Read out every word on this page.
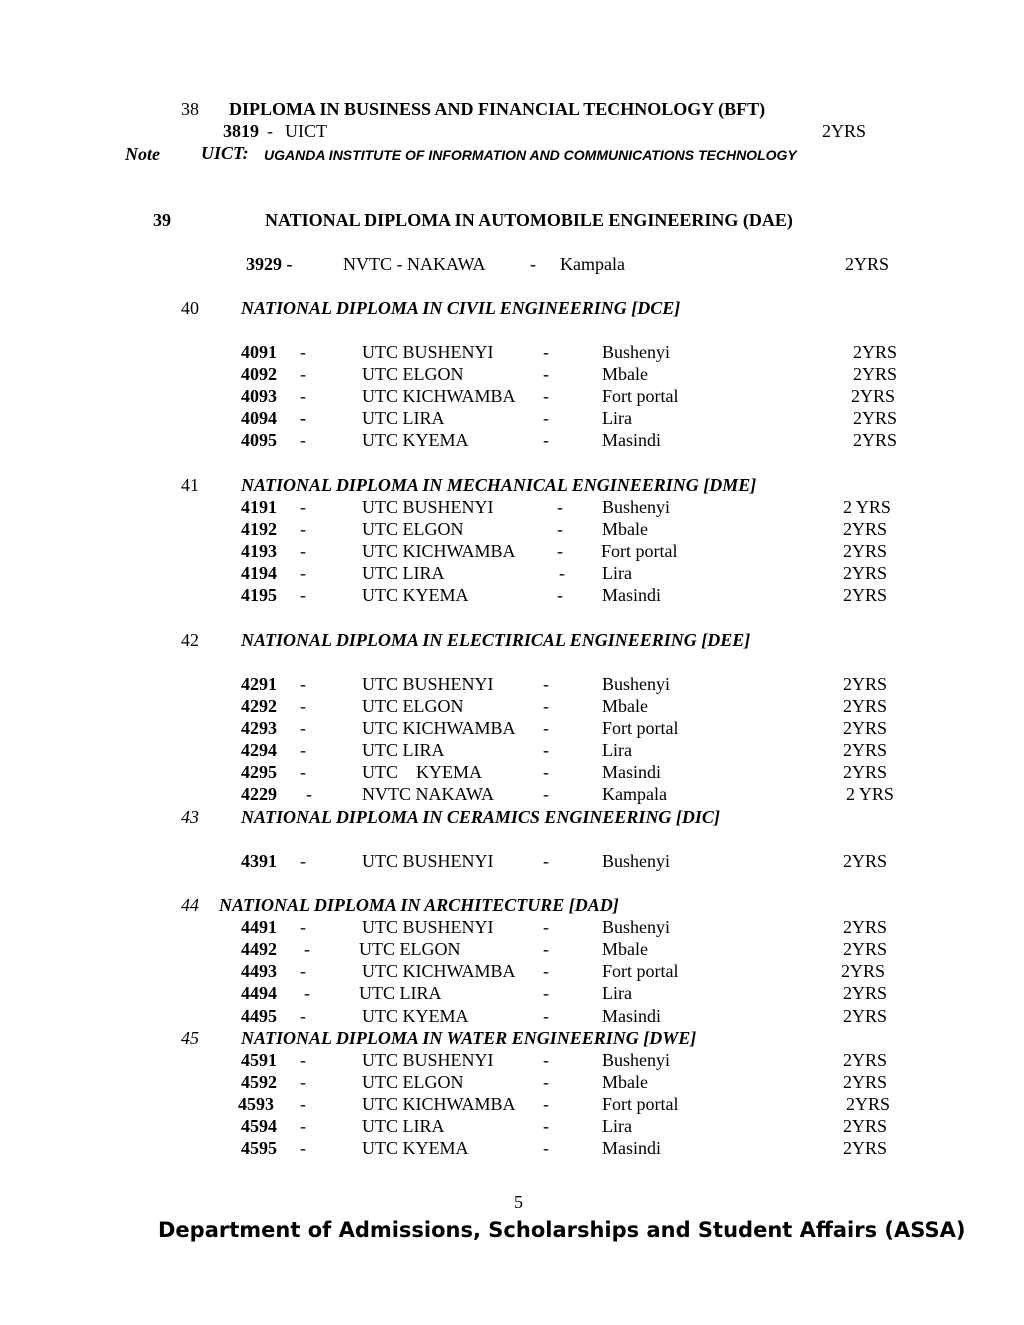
38 DIPLOMA IN BUSINESS AND FINANCIAL TECHNOLOGY (BFT)
3819 - UICT	2YRS
Note UICT: UGANDA INSTITUTE OF INFORMATION AND COMMUNICATIONS TECHNOLOGY
39	NATIONAL DIPLOMA IN AUTOMOBILE ENGINEERING (DAE)
3929 -	NVTC - NAKAWA - Kampala	2YRS
40 NATIONAL DIPLOMA IN CIVIL ENGINEERING [DCE]
4091 -	UTC BUSHENYI	-	Bushenyi	2YRS
4092 -	UTC ELGON	-	Mbale	2YRS
4093 -	UTC KICHWAMBA -	Fort portal	2YRS
4094 -	UTC LIRA	-	Lira	2YRS
4095 -	UTC KYEMA	-	Masindi	2YRS
41 NATIONAL DIPLOMA IN MECHANICAL ENGINEERING [DME]
4191 -	UTC BUSHENYI	- Bushenyi	2 YRS
4192 -	UTC ELGON	- Mbale	2YRS
4193 -	UTC KICHWAMBA - Fort portal	2YRS
4194 -	UTC LIRA	- Lira	2YRS
4195 -	UTC KYEMA	- Masindi	2YRS
42 NATIONAL DIPLOMA IN ELECTIRICAL ENGINEERING [DEE]
4291 -	UTC BUSHENYI	-	Bushenyi	2YRS
4292 -	UTC ELGON	-	Mbale	2YRS
4293 -	UTC KICHWAMBA -	Fort portal	2YRS
4294 -	UTC LIRA	-	Lira	2YRS
4295 -	UTC    KYEMA	-	Masindi	2YRS
4229 -	NVTC NAKAWA	-	Kampala	2 YRS
43 NATIONAL DIPLOMA IN CERAMICS ENGINEERING [DIC]
4391 -	UTC BUSHENYI	-	Bushenyi	2YRS
44 NATIONAL DIPLOMA IN ARCHITECTURE [DAD]
4491 -	UTC BUSHENYI	-	Bushenyi	2YRS
4492 -	UTC ELGON	-	Mbale	2YRS
4493 -	UTC KICHWAMBA -	Fort portal	2YRS
4494 -	UTC LIRA	-	Lira	2YRS
4495 -	UTC KYEMA	-	Masindi	2YRS
45 NATIONAL DIPLOMA IN WATER ENGINEERING [DWE]
4591 -	UTC BUSHENYI	-	Bushenyi	2YRS
4592 -	UTC ELGON	-	Mbale	2YRS
4593 -	UTC KICHWAMBA -	Fort portal	2YRS
4594 -	UTC LIRA	-	Lira	2YRS
4595 -	UTC KYEMA	-	Masindi	2YRS
5
Department of Admissions, Scholarships and Student Affairs (ASSA)
